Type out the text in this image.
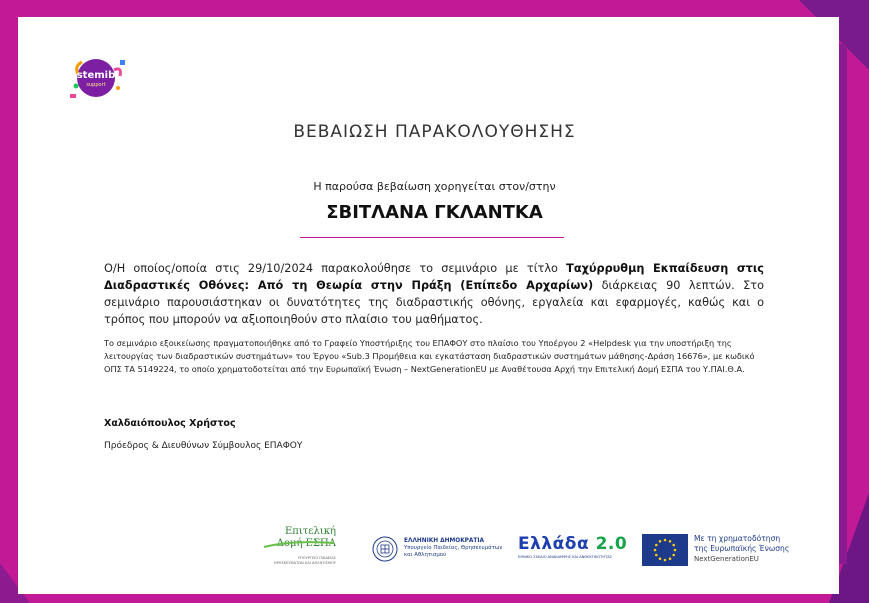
stemib
support
ΒΕΒΑΙΩΣΗ ΠΑΡΑΚΟΛΟΥΘΗΣΗΣ
Η παρούσα βεβαίωση χορηγείται στον/στην
ΣΒΙΤΛΑΝΑ ΓΚΛΑΝΤΚΑ
Ο/Η οποίος/οποία στις 29/10/2024 παρακολούθησε το σεμινάριο με τίτλο Ταχύρρυθμη Εκπαίδευση στις Διαδραστικές Οθόνες: Από τη Θεωρία στην Πράξη (Επίπεδο Αρχαρίων) διάρκειας 90 λεπτών. Στο σεμινάριο παρουσιάστηκαν οι δυνατότητες της διαδραστικής οθόνης, εργαλεία και εφαρμογές, καθώς και ο τρόπος που μπορούν να αξιοποιηθούν στο πλαίσιο του μαθήματος.
Το σεμινάριο εξοικείωσης πραγματοποιήθηκε από το Γραφείο Υποστήριξης του ΕΠΑΦΟΥ στο πλαίσιο του Υποέργου 2 «Helpdesk για την υποστήριξη της λειτουργίας των διαδραστικών συστημάτων» του Έργου «Sub.3 Προμήθεια και εγκατάσταση διαδραστικών συστημάτων μάθησης-Δράση 16676», με κωδικό ΟΠΣ ΤΑ 5149224, το οποίο χρηματοδοτείται από την Ευρωπαϊκή Ένωση – NextGenerationEU με Αναθέτουσα Αρχή την Επιτελική Δομή ΕΣΠΑ του Υ.ΠΑΙ.Θ.Α.
Χαλδαιόπουλος Χρήστος
Πρόεδρος & Διευθύνων Σύμβουλος ΕΠΑΦΟΥ
Επιτελική
Δομή ΕΣΠΑ
ΥΠΟΥΡΓΕΙΟ ΠΑΙΔΕΙΑΣ
ΘΡΗΣΚΕΥΜΑΤΩΝ ΚΑΙ ΑΘΛΗΤΙΣΜΟΥ
ΕΛΛΗΝΙΚΗ ΔΗΜΟΚΡΑΤΙΑ
Υπουργείο Παιδείας, Θρησκευμάτων
και Αθλητισμού
Ελλάδα 2.0
ΕΘΝΙΚΟ ΣΧΕΔΙΟ ΑΝΑΚΑΜΨΗΣ ΚΑΙ ΑΝΘΕΚΤΙΚΟΤΗΤΑΣ
Με τη χρηματοδότηση
της Ευρωπαϊκής Ένωσης
NextGenerationEU
